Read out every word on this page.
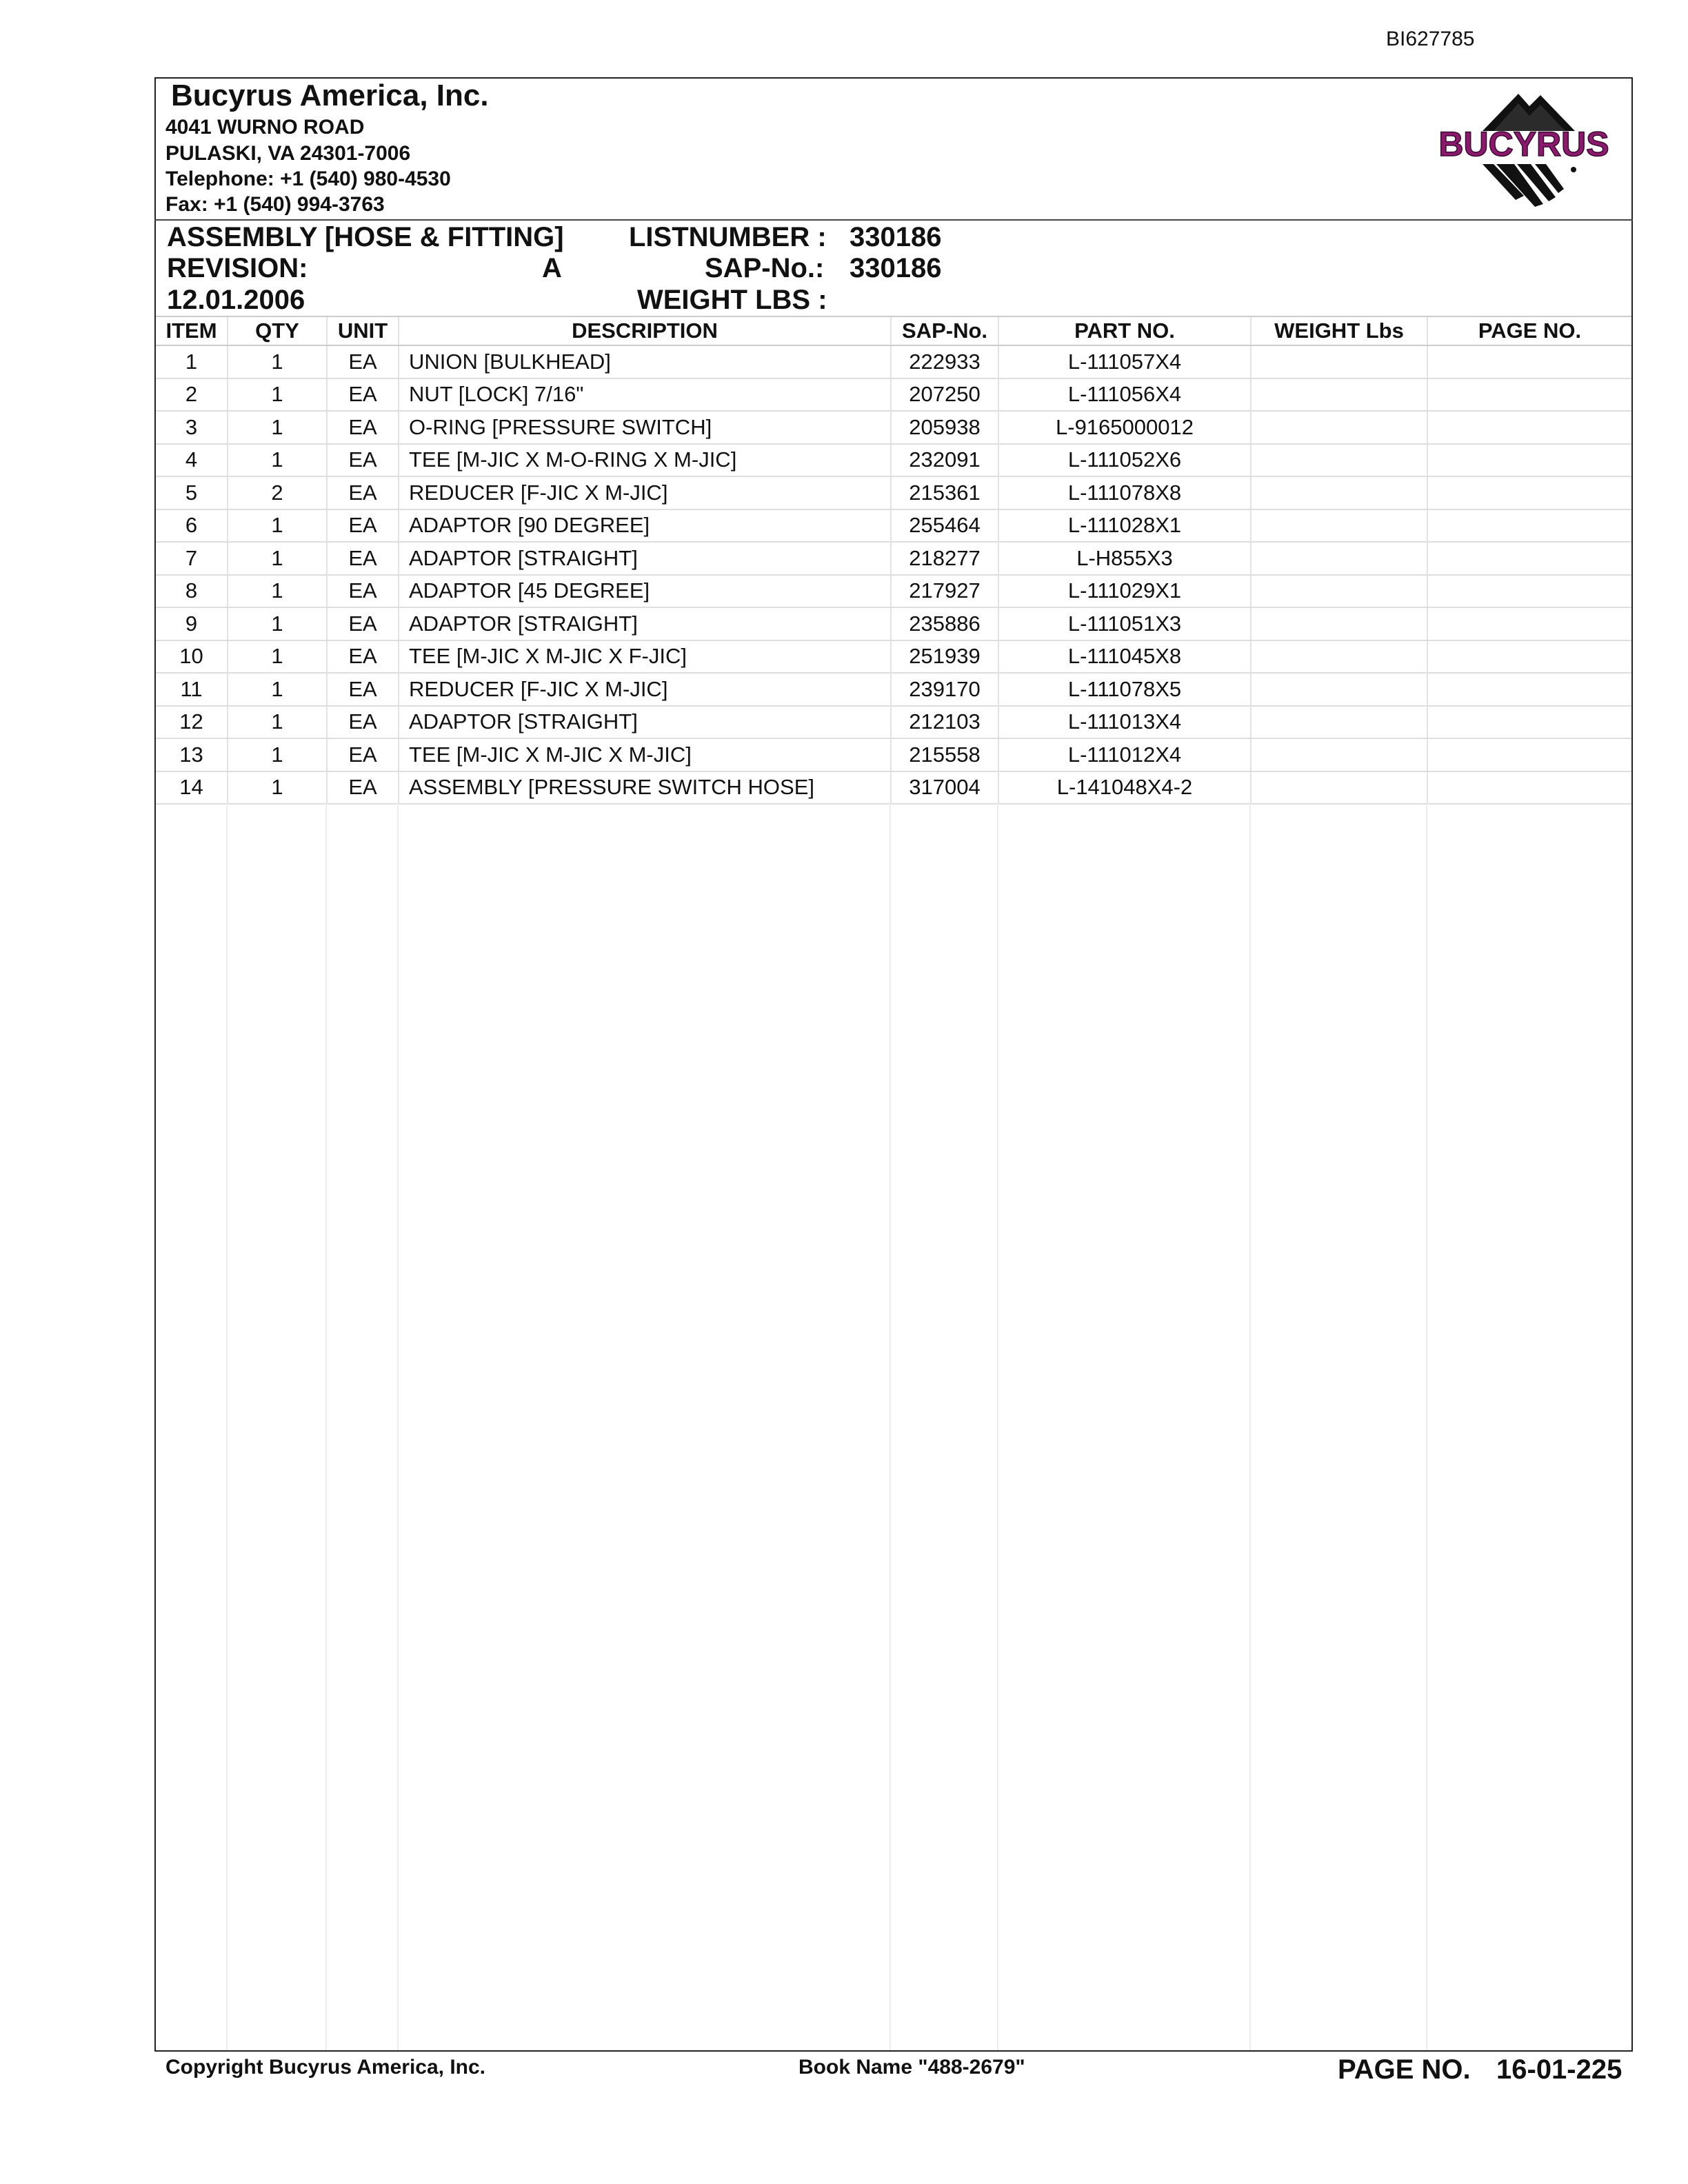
BI627785
Bucyrus America, Inc.
4041 WURNO ROAD
PULASKI, VA 24301-7006
Telephone: +1 (540) 980-4530
Fax: +1 (540) 994-3763
BUCYRUS
ASSEMBLY [HOSE & FITTING] LISTNUMBER : 330186
REVISION:	A	SAP-No.: 330186
12.01.2006	WEIGHT LBS :
ITEM	QTY	UNIT	DESCRIPTION	SAP-No.	PART NO.	WEIGHT Lbs	PAGE NO.
1	1	EA	UNION [BULKHEAD]	222933	L-111057X4		
2	1	EA	NUT [LOCK] 7/16"	207250	L-111056X4		
3	1	EA	O-RING [PRESSURE SWITCH]	205938	L-9165000012		
4	1	EA	TEE [M-JIC X M-O-RING X M-JIC]	232091	L-111052X6		
5	2	EA	REDUCER [F-JIC X M-JIC]	215361	L-111078X8		
6	1	EA	ADAPTOR [90 DEGREE]	255464	L-111028X1		
7	1	EA	ADAPTOR [STRAIGHT]	218277	L-H855X3		
8	1	EA	ADAPTOR [45 DEGREE]	217927	L-111029X1		
9	1	EA	ADAPTOR [STRAIGHT]	235886	L-111051X3		
10	1	EA	TEE [M-JIC X M-JIC X F-JIC]	251939	L-111045X8		
11	1	EA	REDUCER [F-JIC X M-JIC]	239170	L-111078X5		
12	1	EA	ADAPTOR [STRAIGHT]	212103	L-111013X4		
13	1	EA	TEE [M-JIC X M-JIC X M-JIC]	215558	L-111012X4		
14	1	EA	ASSEMBLY [PRESSURE SWITCH HOSE]	317004	L-141048X4-2		
Copyright Bucyrus America, Inc.	Book Name "488-2679"	PAGE NO. 16-01-225
